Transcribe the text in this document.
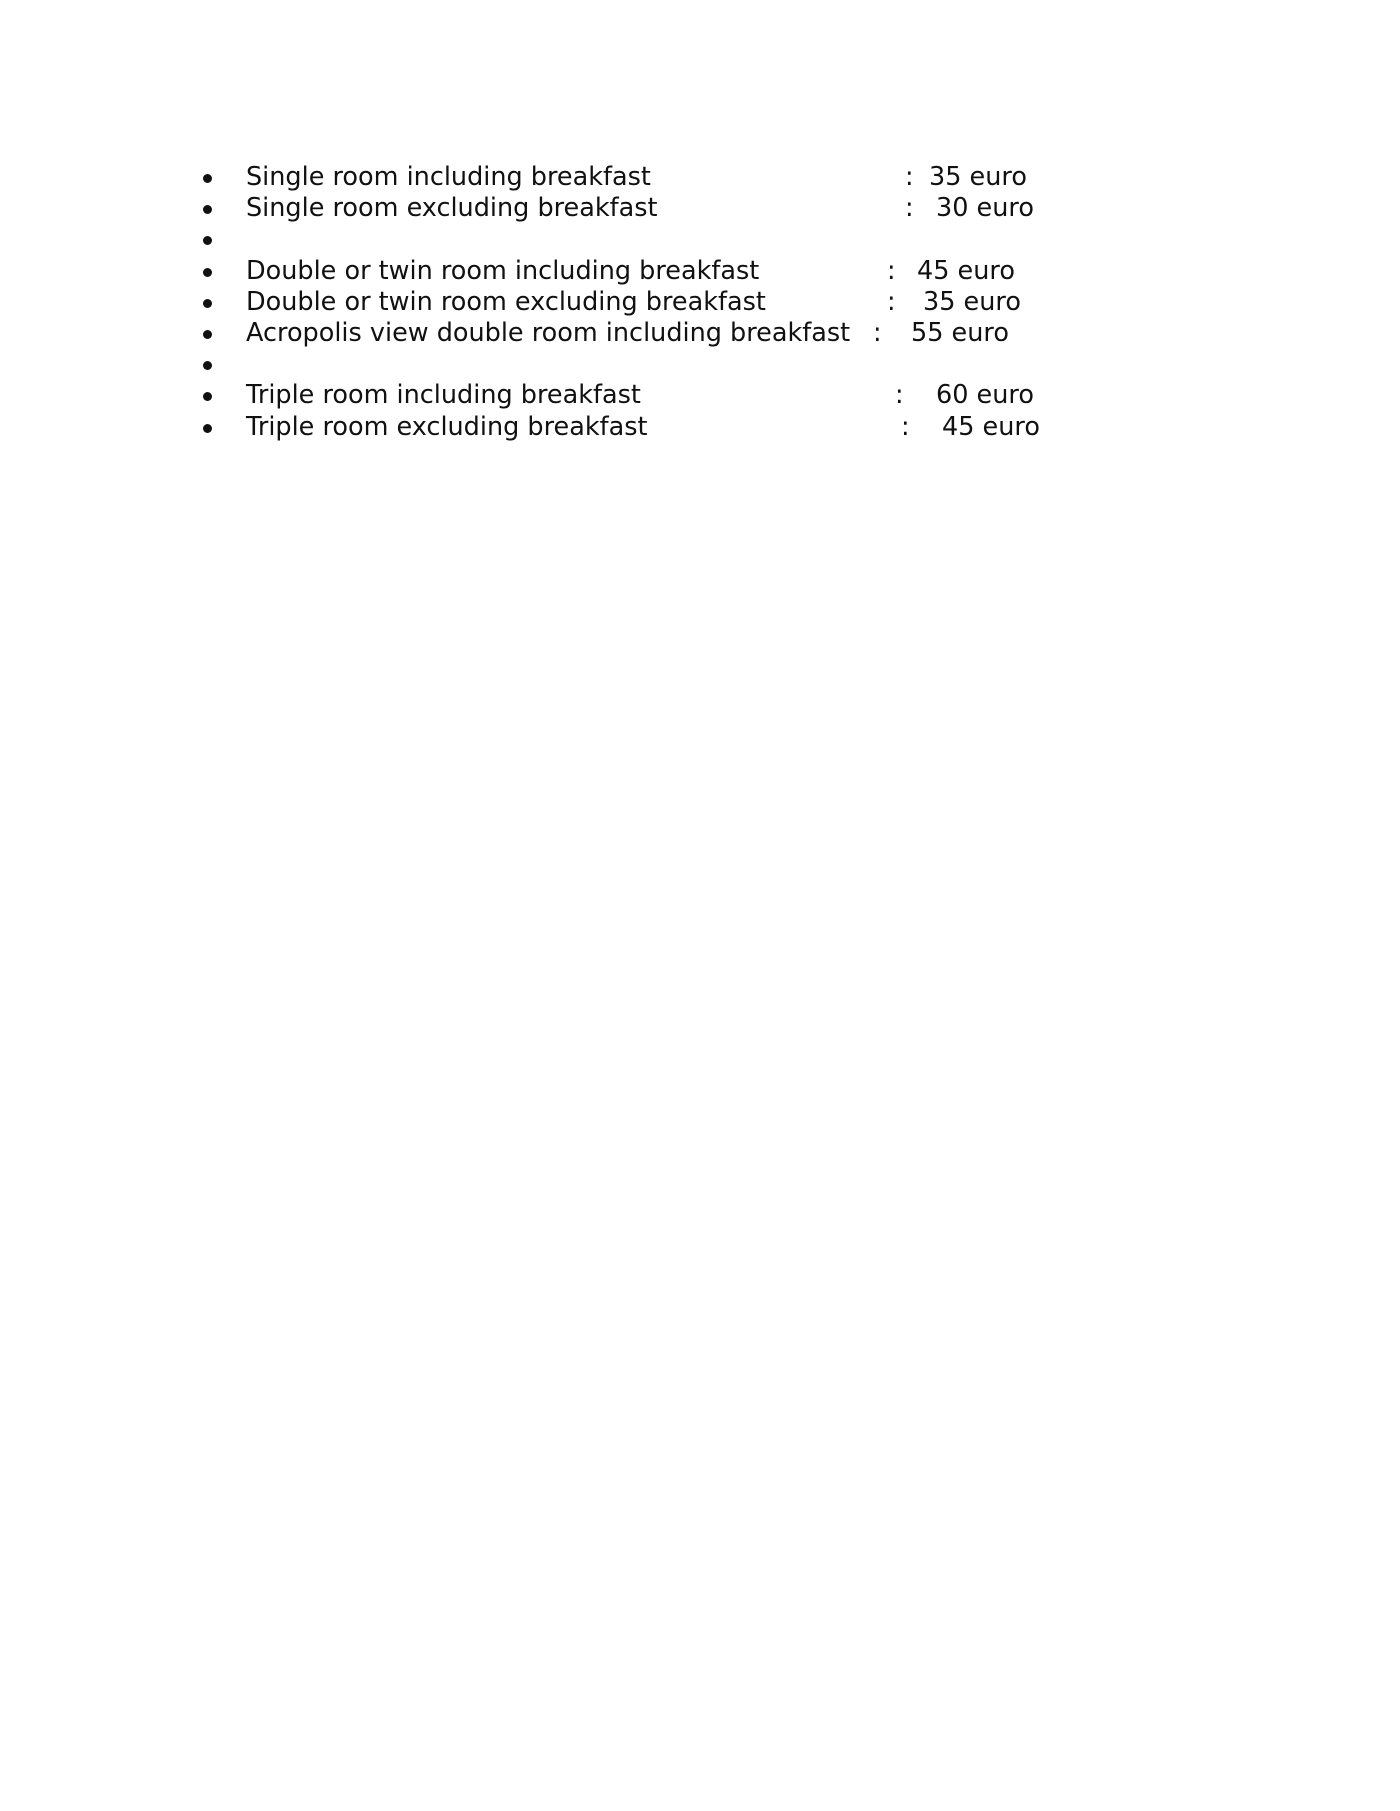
Single room including breakfast	: 35 euro
Single room excluding breakfast	: 30 euro
Double or twin room including breakfast	: 45 euro
Double or twin room excluding breakfast	: 35 euro
Acropolis view double room including breakfast : 55 euro
Triple room including breakfast	: 60 euro
Triple room excluding breakfast	: 45 euro
